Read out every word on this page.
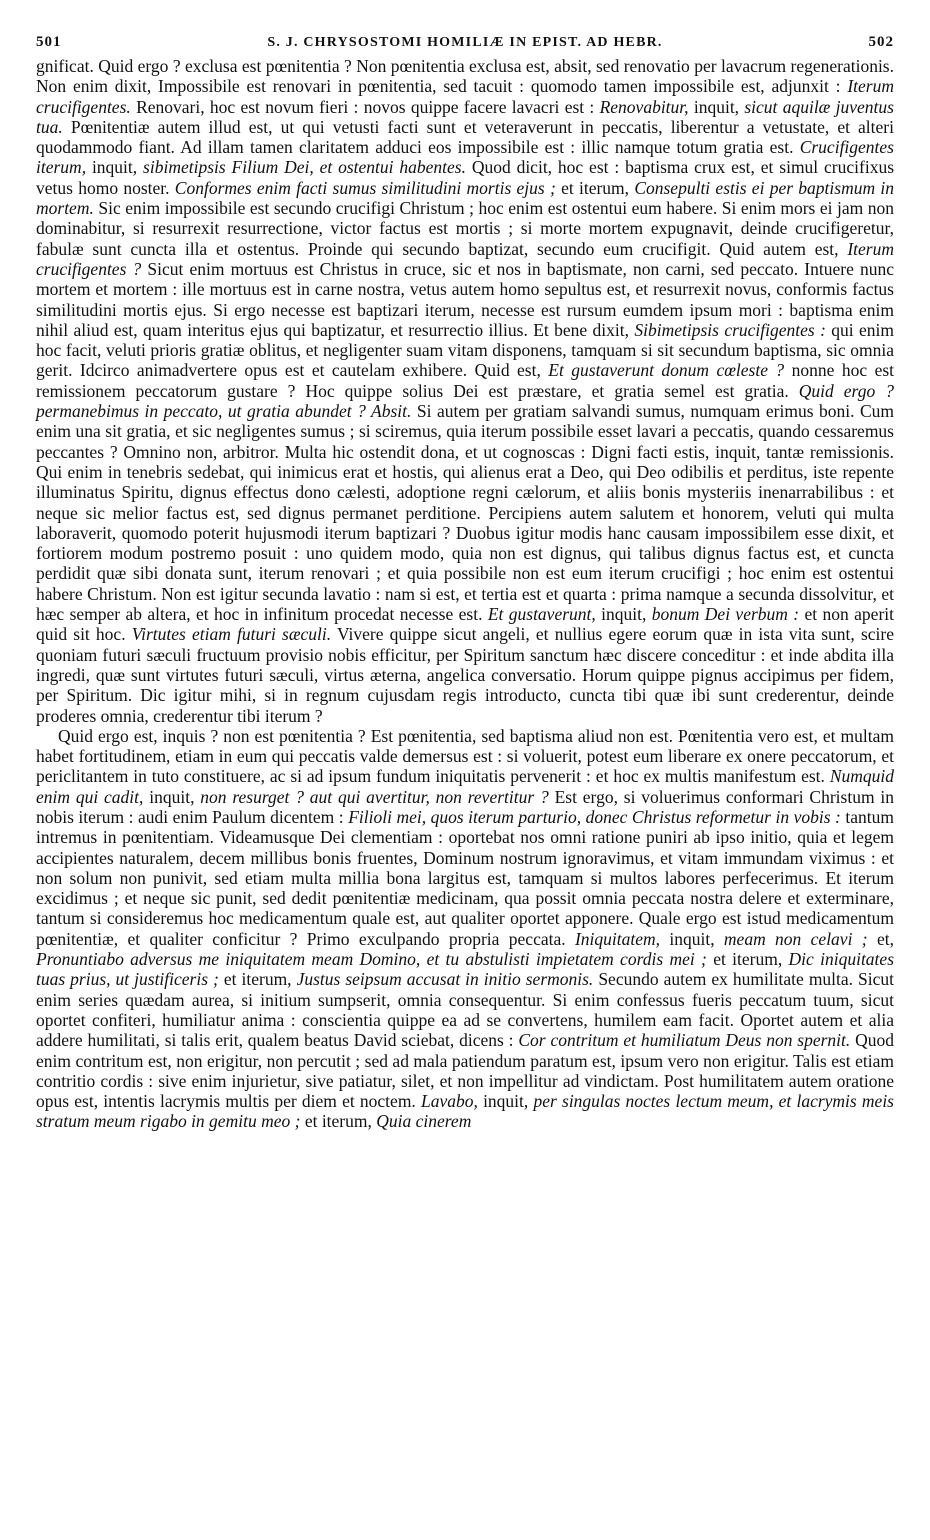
501	S. J. CHRYSOSTOMI HOMILIÆ IN EPIST. AD HEBR.	502

gnificat. Quid ergo ? exclusa est pœnitentia ? Non pœnitentia exclusa est, absit, sed renovatio per lavacrum regenerationis. Non enim dixit, Impossibile est renovari in pœnitentia, sed tacuit : quomodo tamen impossibile est, adjunxit : Iterum crucifigentes. Renovari, hoc est novum fieri : novos quippe facere lavacri est : Renovabitur, inquit, sicut aquilæ juventus tua. Pœnitentiæ autem illud est, ut qui vetusti facti sunt et veteraverunt in peccatis, liberentur a vetustate, et alteri quodammodo fiant. Ad illam tamen claritatem adduci eos impossibile est : illic namque totum gratia est. Crucifigentes iterum, inquit, sibimetipsis Filium Dei, et ostentui habentes. Quod dicit, hoc est : baptisma crux est, et simul crucifixus vetus homo noster. Conformes enim facti sumus similitudini mortis ejus ; et iterum, Consepulti estis ei per baptismum in mortem. Sic enim impossibile est secundo crucifigi Christum ; hoc enim est ostentui eum habere. Si enim mors ei jam non dominabitur, si resurrexit resurrectione, victor factus est mortis ; si morte mortem expugnavit, deinde crucifigeretur, fabulæ sunt cuncta illa et ostentus. Proinde qui secundo baptizat, secundo eum crucifigit. Quid autem est, Iterum crucifigentes ? Sicut enim mortuus est Christus in cruce, sic et nos in baptismate, non carni, sed peccato. Intuere nunc mortem et mortem : ille mortuus est in carne nostra, vetus autem homo sepultus est, et resurrexit novus, conformis factus similitudini mortis ejus. Si ergo necesse est baptizari iterum, necesse est rursum eumdem ipsum mori : baptisma enim nihil aliud est, quam interitus ejus qui baptizatur, et resurrectio illius. Et bene dixit, Sibimetipsis crucifigentes : qui enim hoc facit, veluti prioris gratiæ oblitus, et negligenter suam vitam disponens, tamquam si sit secundum baptisma, sic omnia gerit. Idcirco animadvertere opus est et cautelam exhibere. Quid est, Et gustaverunt donum cœleste ? nonne hoc est remissionem peccatorum gustare ? Hoc quippe solius Dei est præstare, et gratia semel est gratia. Quid ergo ? permanebimus in peccato, ut gratia abundet ? Absit. Si autem per gratiam salvandi sumus, numquam erimus boni. Cum enim una sit gratia, et sic negligentes sumus ; si sciremus, quia iterum possibile esset lavari a peccatis, quando cessaremus peccantes ? Omnino non, arbitror. Multa hic ostendit dona, et ut cognoscas : Digni facti estis, inquit, tantæ remissionis. Qui enim in tenebris sedebat, qui inimicus erat et hostis, qui alienus erat a Deo, qui Deo odibilis et perditus, iste repente illuminatus Spiritu, dignus effectus dono cælesti, adoptione regni cælorum, et aliis bonis mysteriis inenarrabilibus : et neque sic melior factus est, sed dignus permanet perditione. Percipiens autem salutem et honorem, veluti qui multa laboraverit, quomodo poterit hujusmodi iterum baptizari ? Duobus igitur modis hanc causam impossibilem esse dixit, et fortiorem modum postremo posuit : uno quidem modo, quia non est dignus, qui talibus dignus factus est, et cuncta perdidit quæ sibi donata sunt, iterum renovari ; et quia possibile non est eum iterum crucifigi ; hoc enim est ostentui habere Christum. Non est igitur secunda lavatio : nam si est, et tertia est et quarta : prima namque a secunda dissolvitur, et hæc semper ab altera, et hoc in infinitum procedat necesse est. Et gustaverunt, inquit, bonum Dei verbum : et non aperit quid sit hoc. Virtutes etiam futuri sæculi. Vivere quippe sicut angeli, et nullius egere eorum quæ in ista vita sunt, scire quoniam futuri sæculi fructuum provisio nobis efficitur, per Spiritum sanctum hæc discere conceditur : et inde abdita illa ingredi, quæ sunt virtutes futuri sæculi, virtus æterna, angelica conversatio. Horum quippe pignus accipimus per fidem, per Spiritum. Dic igitur mihi, si in regnum cujusdam regis introducto, cuncta tibi quæ ibi sunt crederentur, deinde proderes omnia, crederentur tibi iterum ?

Quid ergo est, inquis ? non est pœnitentia ? Est pœnitentia, sed baptisma aliud non est. Pœnitentia vero est, et multam habet fortitudinem, etiam in eum qui peccatis valde demersus est : si voluerit, potest eum liberare ex onere peccatorum, et periclitantem in tuto constituere, ac si ad ipsum fundum iniquitatis pervenerit : et hoc ex multis manifestum est. Numquid enim qui cadit, inquit, non resurget ? aut qui avertitur, non revertitur ? Est ergo, si voluerimus conformari Christum in nobis iterum : audi enim Paulum dicentem : Filioli mei, quos iterum parturio, donec Christus reformetur in vobis : tantum intremus in pœnitentiam. Videamusque Dei clementiam : oportebat nos omni ratione puniri ab ipso initio, quia et legem accipientes naturalem, decem millibus bonis fruentes, Dominum nostrum ignoravimus, et vitam immundam viximus : et non solum non punivit, sed etiam multa millia bona largitus est, tamquam si multos labores perfecerimus. Et iterum excidimus ; et neque sic punit, sed dedit pœnitentiæ medicinam, qua possit omnia peccata nostra delere et exterminare, tantum si consideremus hoc medicamentum quale est, aut qualiter oportet apponere. Quale ergo est istud medicamentum pœnitentiæ, et qualiter conficitur ? Primo exculpando propria peccata. Iniquitatem, inquit, meam non celavi ; et, Pronuntiabo adversus me iniquitatem meam Domino, et tu abstulisti impietatem cordis mei ; et iterum, Dic iniquitates tuas prius, ut justificeris ; et iterum, Justus seipsum accusat in initio sermonis. Secundo autem ex humilitate multa. Sicut enim series quædam aurea, si initium sumpserit, omnia consequentur. Si enim confessus fueris peccatum tuum, sicut oportet confiteri, humiliatur anima : conscientia quippe ea ad se convertens, humilem eam facit. Oportet autem et alia addere humilitati, si talis erit, qualem beatus David sciebat, dicens : Cor contritum et humiliatum Deus non spernit. Quod enim contritum est, non erigitur, non percutit ; sed ad mala patiendum paratum est, ipsum vero non erigitur. Talis est etiam contritio cordis : sive enim injurietur, sive patiatur, silet, et non impellitur ad vindictam. Post humilitatem autem oratione opus est, intentis lacrymis multis per diem et noctem. Lavabo, inquit, per singulas noctes lectum meum, et lacrymis meis stratum meum rigabo in gemitu meo ; et iterum, Quia cinerem
